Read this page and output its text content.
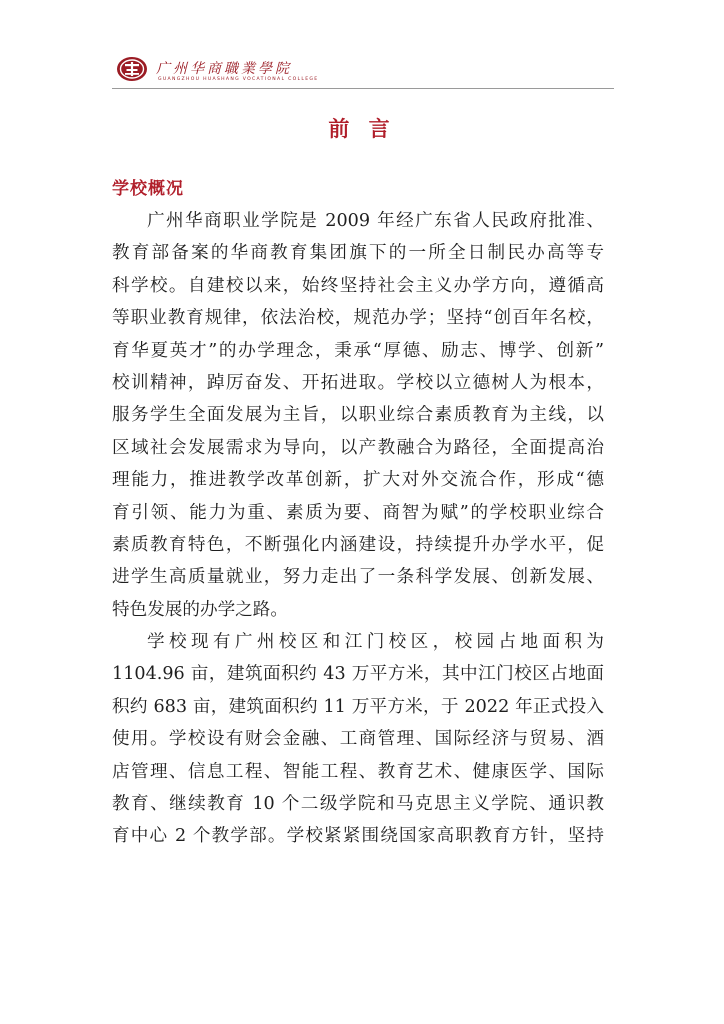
广州华商職業學院
GUANGZHOU HUASHANG VOCATIONAL COLLEGE
前 言
学校概况
广州华商职业学院是 2009 年经广东省人民政府批准、
教育部备案的华商教育集团旗下的一所全日制民办高等专
科学校。自建校以来，始终坚持社会主义办学方向，遵循高
等职业教育规律，依法治校，规范办学；坚持“创百年名校，
育华夏英才”的办学理念，秉承“厚德、励志、博学、创新”
校训精神，踔厉奋发、开拓进取。学校以立德树人为根本，
服务学生全面发展为主旨，以职业综合素质教育为主线，以
区域社会发展需求为导向，以产教融合为路径，全面提高治
理能力，推进教学改革创新，扩大对外交流合作，形成“德
育引领、能力为重、素质为要、商智为赋”的学校职业综合
素质教育特色，不断强化内涵建设，持续提升办学水平，促
进学生高质量就业，努力走出了一条科学发展、创新发展、
特色发展的办学之路。
学校现有广州校区和江门校区，校园占地面积为
1104.96 亩，建筑面积约 43 万平方米，其中江门校区占地面
积约 683 亩，建筑面积约 11 万平方米，于 2022 年正式投入
使用。学校设有财会金融、工商管理、国际经济与贸易、酒
店管理、信息工程、智能工程、教育艺术、健康医学、国际
教育、继续教育 10 个二级学院和马克思主义学院、通识教
育中心 2 个教学部。学校紧紧围绕国家高职教育方针，坚持
